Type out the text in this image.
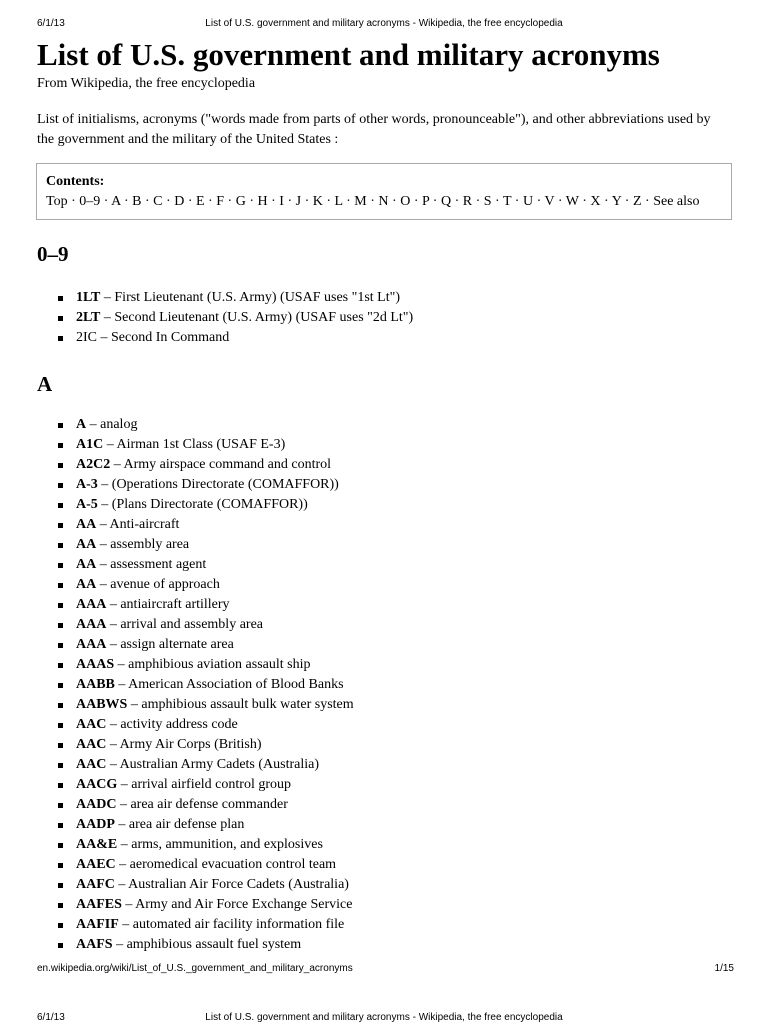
6/1/13	List of U.S. government and military acronyms - Wikipedia, the free encyclopedia
List of U.S. government and military acronyms
From Wikipedia, the free encyclopedia

List of initialisms, acronyms ("words made from parts of other words, pronounceable"), and other abbreviations used by the government and the military of the United States :

Contents:
Top · 0–9 · A · B · C · D · E · F · G · H · I · J · K · L · M · N · O · P · Q · R · S · T · U · V · W · X · Y · Z · See also
0–9
1LT – First Lieutenant (U.S. Army) (USAF uses "1st Lt")
2LT – Second Lieutenant (U.S. Army) (USAF uses "2d Lt")
2IC – Second In Command
A
A – analog
A1C – Airman 1st Class (USAF E-3)
A2C2 – Army airspace command and control
A-3 – (Operations Directorate (COMAFFOR))
A-5 – (Plans Directorate (COMAFFOR))
AA – Anti-aircraft
AA – assembly area
AA – assessment agent
AA – avenue of approach
AAA – antiaircraft artillery
AAA – arrival and assembly area
AAA – assign alternate area
AAAS – amphibious aviation assault ship
AABB – American Association of Blood Banks
AABWS – amphibious assault bulk water system
AAC – activity address code
AAC – Army Air Corps (British)
AAC – Australian Army Cadets (Australia)
AACG – arrival airfield control group
AADC – area air defense commander
AADP – area air defense plan
AA&E – arms, ammunition, and explosives
AAEC – aeromedical evacuation control team
AAFC – Australian Air Force Cadets (Australia)
AAFES – Army and Air Force Exchange Service
AAFIF – automated air facility information file
AAFS – amphibious assault fuel system
en.wikipedia.org/wiki/List_of_U.S._government_and_military_acronyms	1/15
6/1/13	List of U.S. government and military acronyms - Wikipedia, the free encyclopedia
